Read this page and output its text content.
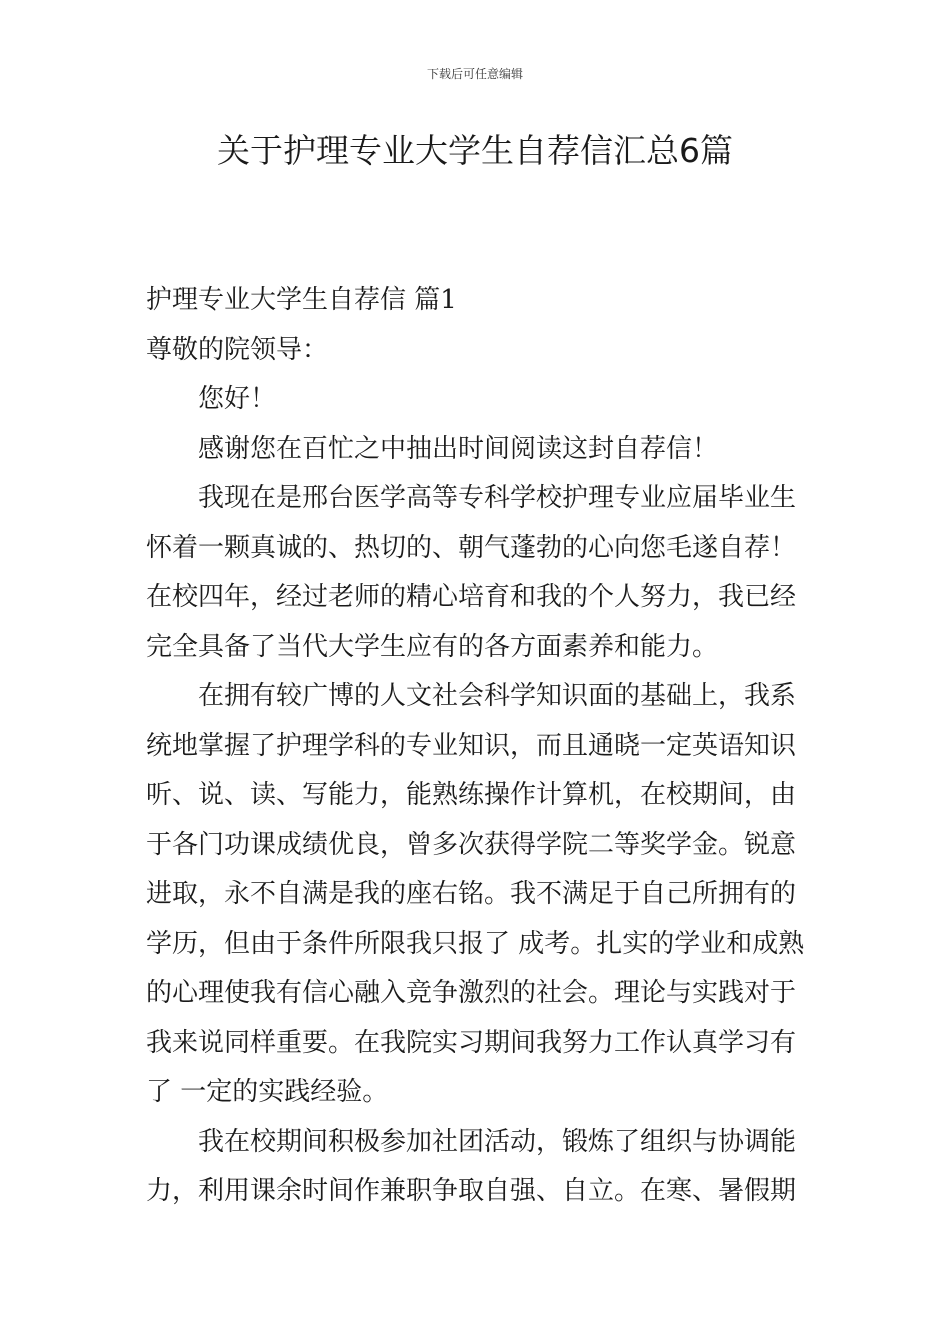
下载后可任意编辑
关于护理专业大学生自荐信汇总6篇
护理专业大学生自荐信 篇1
尊敬的院领导：
您好！
感谢您在百忙之中抽出时间阅读这封自荐信！
我现在是邢台医学高等专科学校护理专业应届毕业生
怀着一颗真诚的、热切的、朝气蓬勃的心向您毛遂自荐！
在校四年，经过老师的精心培育和我的个人努力，我已经
完全具备了当代大学生应有的各方面素养和能力。
在拥有较广博的人文社会科学知识面的基础上，我系
统地掌握了护理学科的专业知识，而且通晓一定英语知识
听、说、读、写能力，能熟练操作计算机，在校期间，由
于各门功课成绩优良，曾多次获得学院二等奖学金。锐意
进取，永不自满是我的座右铭。我不满足于自己所拥有的
学历，但由于条件所限我只报了 成考。扎实的学业和成熟
的心理使我有信心融入竞争激烈的社会。理论与实践对于
我来说同样重要。在我院实习期间我努力工作认真学习有
了 一定的实践经验。
我在校期间积极参加社团活动，锻炼了组织与协调能
力，利用课余时间作兼职争取自强、自立。在寒、暑假期
